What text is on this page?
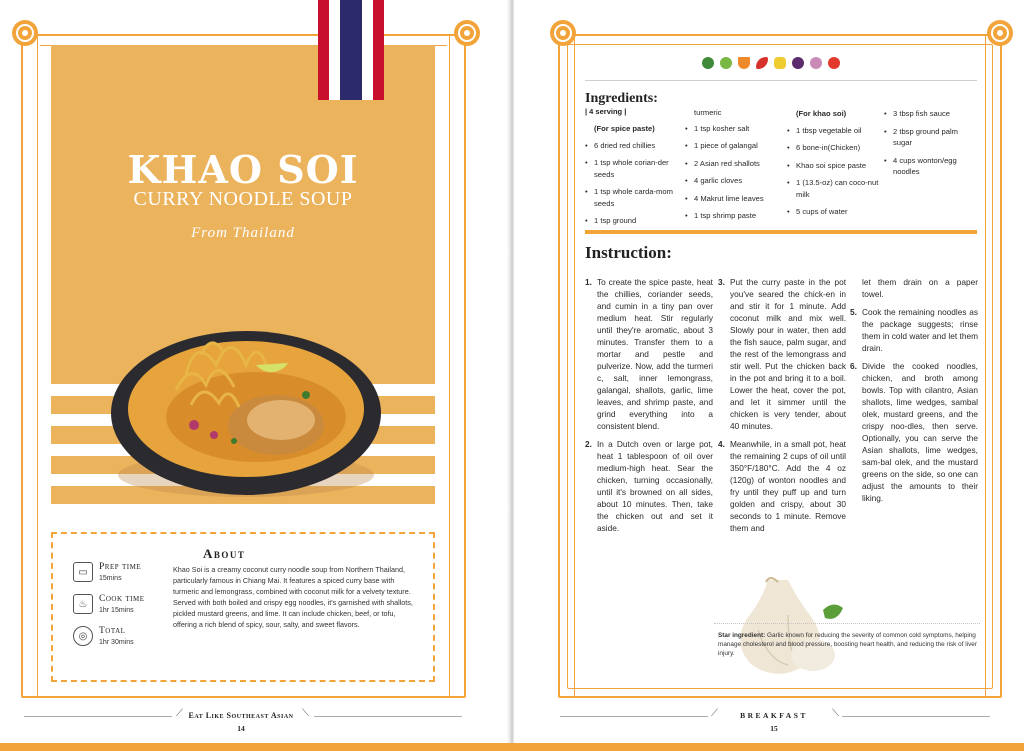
KHAO SOI
CURRY NOODLE SOUP
From Thailand
About
Khao Soi is a creamy coconut curry noodle soup from Northern Thailand, particularly famous in Chiang Mai. It features a spiced curry base with turmeric and lemongrass, combined with coconut milk for a velvety texture. Served with both boiled and crispy egg noodles, it's garnished with shallots, pickled mustard greens, and lime. It can include chicken, beef, or tofu, offering a rich blend of spicy, sour, salty, and sweet flavors.
▭	Prep time
15mins
♨	Cook time
1hr 15mins
◎	Total
1hr 30mins
⟋	⟍
Eat Like Southeast Asian
14
Ingredients:
| 4 serving |
(For spice paste)
• 6 dried red chillies
• 1 tsp whole corian-der seeds
• 1 tsp whole carda-mom seeds
• 1 tsp ground
turmeric
• 1 tsp kosher salt
• 1 piece of galangal
• 2 Asian red shallots
• 4 garlic cloves
• 4 Makrut lime leaves
• 1 tsp shrimp paste
(For khao soi)
• 1 tbsp vegetable oil
• 6 bone-in(Chicken)
• Khao soi spice paste
• 1 (13.5-oz) can coco-nut milk
• 5 cups of water
• 3 tbsp fish sauce
• 2 tbsp ground palm sugar
• 4 cups wonton/egg noodles
Instruction:
1. To create the spice paste, heat the chillies, coriander seeds, and cumin in a tiny pan over medium heat. Stir regularly until they're aromatic, about 3 minutes. Transfer them to a mortar and pestle and pulverize. Now, add the turmeri c, salt, inner lemongrass, galangal, shallots, garlic, lime leaves, and shrimp paste, and grind everything into a consistent blend.
2. In a Dutch oven or large pot, heat 1 tablespoon of oil over medium-high heat. Sear the chicken, turning occasionally, until it's browned on all sides, about 10 minutes. Then, take the chicken out and set it aside.
3. Put the curry paste in the pot you've seared the chick-en in and stir it for 1 minute. Add coconut milk and mix well. Slowly pour in water, then add the fish sauce, palm sugar, and the rest of the lemongrass and stir well. Put the chicken back in the pot and bring it to a boil. Lower the heat, cover the pot, and let it simmer until the chicken is very tender, about 40 minutes.
4. Meanwhile, in a small pot, heat the remaining 2 cups of oil until 350°F/180°C. Add the 4 oz (120g) of wonton noodles and fry until they puff up and turn golden and crispy, about 30 seconds to 1 minute. Remove them and
let them drain on a paper towel.
5. Cook the remaining noodles as the package suggests; rinse them in cold water and let them drain.
6. Divide the cooked noodles, chicken, and broth among bowls. Top with cilantro, Asian shallots, lime wedges, sambal olek, mustard greens, and the crispy noo-dles, then serve. Optionally, you can serve the Asian shallots, lime wedges, sam-bal olek, and the mustard greens on the side, so one can adjust the amounts to their liking.
Star ingredient: Garlic known for reducing the severity of common cold symptoms, helping manage cholesterol and blood pressure, boosting heart health, and reducing the risk of liver injury.
⟋	⟍
BREAKFAST
15
